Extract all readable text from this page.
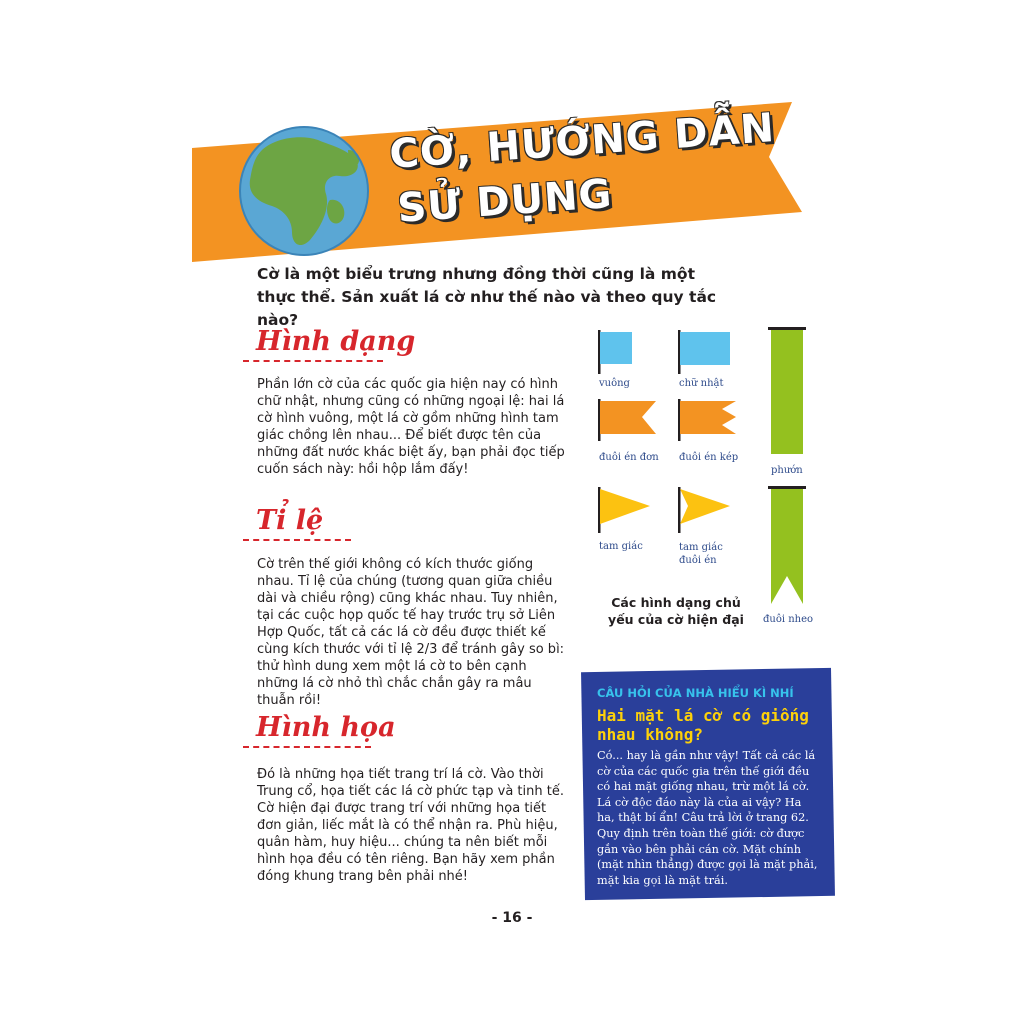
CỜ, HƯỚNG DẪN
SỬ DỤNG
Cờ là một biểu trưng nhưng đồng thời cũng là một thực thể. Sản xuất lá cờ như thế nào và theo quy tắc nào?
Hình dạng
Phần lớn cờ của các quốc gia hiện nay có hình chữ nhật, nhưng cũng có những ngoại lệ: hai lá cờ hình vuông, một lá cờ gồm những hình tam giác chồng lên nhau... Để biết được tên của những đất nước khác biệt ấy, bạn phải đọc tiếp cuốn sách này: hồi hộp lắm đấy!
Tỉ lệ
Cờ trên thế giới không có kích thước giống nhau. Tỉ lệ của chúng (tương quan giữa chiều dài và chiều rộng) cũng khác nhau. Tuy nhiên, tại các cuộc họp quốc tế hay trước trụ sở Liên Hợp Quốc, tất cả các lá cờ đều được thiết kế cùng kích thước với tỉ lệ 2/3 để tránh gây so bì: thử hình dung xem một lá cờ to bên cạnh những lá cờ nhỏ thì chắc chắn gây ra mâu thuẫn rồi!
Hình họa
Đó là những họa tiết trang trí lá cờ. Vào thời Trung cổ, họa tiết các lá cờ phức tạp và tinh tế. Cờ hiện đại được trang trí với những họa tiết đơn giản, liếc mắt là có thể nhận ra. Phù hiệu, quân hàm, huy hiệu... chúng ta nên biết mỗi hình họa đều có tên riêng. Bạn hãy xem phần đóng khung trang bên phải nhé!
vuông	chữ nhật
đuôi én đơn đuôi én kép
tam giác	tam giác
đuôi én
phướn
đuôi nheo
Các hình dạng chủ yếu của cờ hiện đại
CÂU HỎI CỦA NHÀ HIỂU KÌ NHÍ
Hai mặt lá cờ có giống nhau không?
Có... hay là gần như vậy! Tất cả các lá cờ của các quốc gia trên thế giới đều có hai mặt giống nhau, trừ một lá cờ. Lá cờ độc đáo này là của ai vậy? Ha ha, thật bí ẩn! Câu trả lời ở trang 62. Quy định trên toàn thế giới: cờ được gắn vào bên phải cán cờ. Mặt chính (mặt nhìn thẳng) được gọi là mặt phải, mặt kia gọi là mặt trái.
- 16 -
